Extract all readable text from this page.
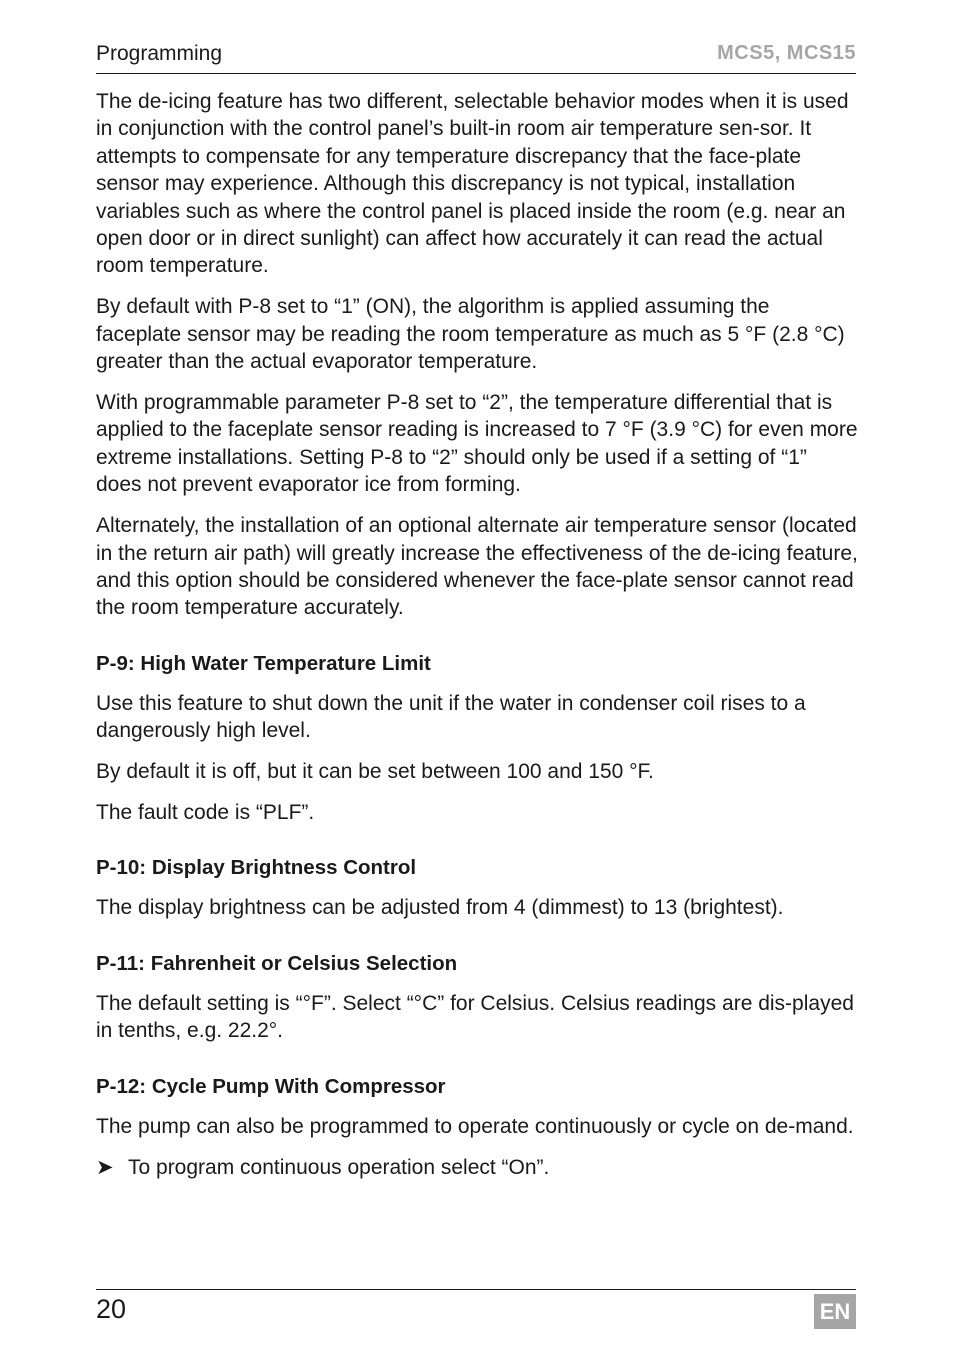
Programming	MCS5, MCS15

The de-icing feature has two different, selectable behavior modes when it is used in conjunction with the control panel’s built-in room air temperature sen-sor. It attempts to compensate for any temperature discrepancy that the face-plate sensor may experience. Although this discrepancy is not typical, installation variables such as where the control panel is placed inside the room (e.g. near an open door or in direct sunlight) can affect how accurately it can read the actual room temperature.

By default with P-8 set to “1” (ON), the algorithm is applied assuming the faceplate sensor may be reading the room temperature as much as 5 °F (2.8 °C) greater than the actual evaporator temperature.

With programmable parameter P-8 set to “2”, the temperature differential that is applied to the faceplate sensor reading is increased to 7 °F (3.9 °C) for even more extreme installations. Setting P-8 to “2” should only be used if a setting of “1” does not prevent evaporator ice from forming.

Alternately, the installation of an optional alternate air temperature sensor (located in the return air path) will greatly increase the effectiveness of the de-icing feature, and this option should be considered whenever the face-plate sensor cannot read the room temperature accurately.

P-9: High Water Temperature Limit

Use this feature to shut down the unit if the water in condenser coil rises to a dangerously high level.

By default it is off, but it can be set between 100 and 150 °F.

The fault code is “PLF”.

P-10: Display Brightness Control

The display brightness can be adjusted from 4 (dimmest) to 13 (brightest).

P-11: Fahrenheit or Celsius Selection

The default setting is “°F”. Select “°C” for Celsius. Celsius readings are dis-played in tenths, e.g. 22.2°.

P-12: Cycle Pump With Compressor

The pump can also be programmed to operate continuously or cycle on de-mand.

➤ To program continuous operation select “On”.
20	EN
